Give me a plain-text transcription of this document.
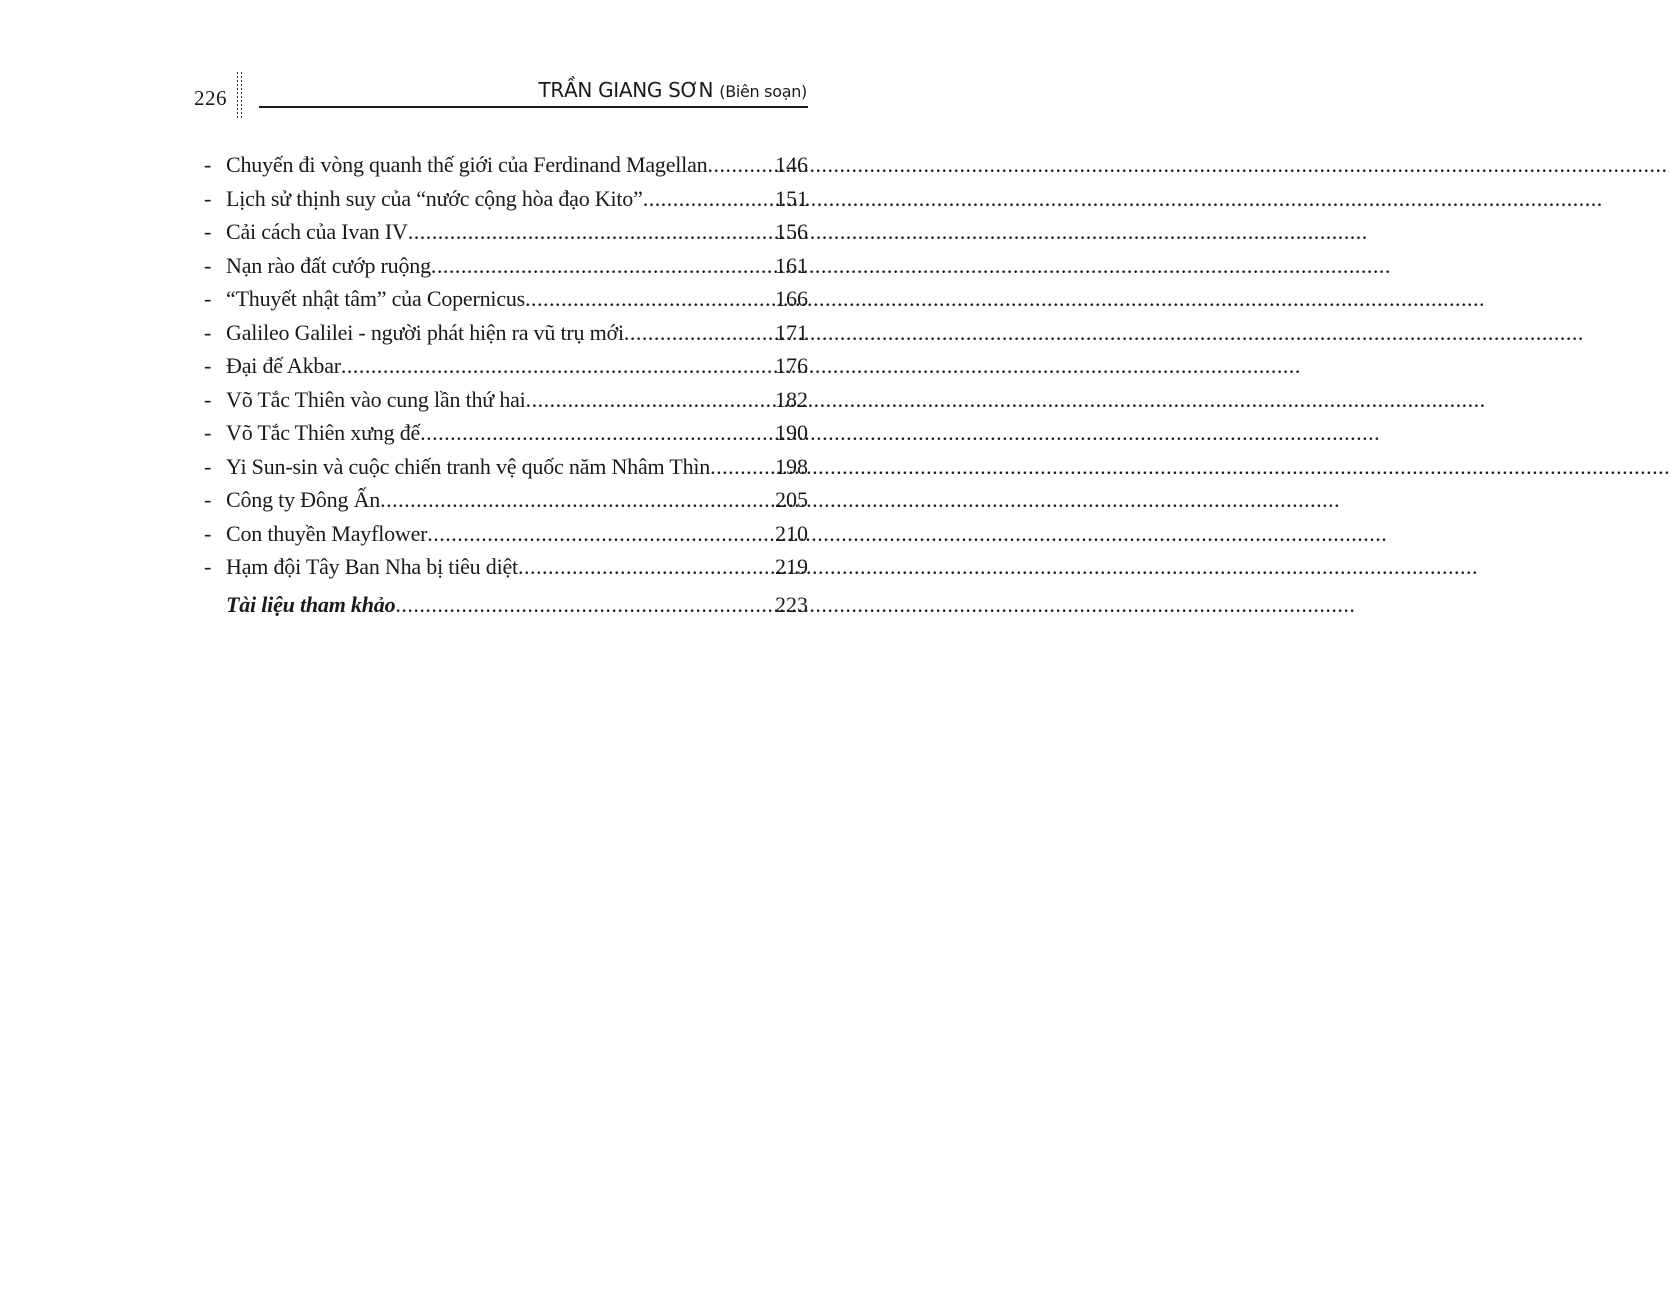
226	TRẦN GIANG SƠN (Biên soạn)
- Chuyến đi vòng quanh thế giới của Ferdinand Magellan .....	146
- Lịch sử thịnh suy của “nước cộng hòa đạo Kito” .....	151
- Cải cách của Ivan IV .....	156
- Nạn rào đất cướp ruộng .....	161
- “Thuyết nhật tâm” của Copernicus .....	166
- Galileo Galilei - người phát hiện ra vũ trụ mới .....	171
- Đại đế Akbar .....	176
- Võ Tắc Thiên vào cung lần thứ hai .....	182
- Võ Tắc Thiên xưng đế .....	190
- Yi Sun-sin và cuộc chiến tranh vệ quốc năm Nhâm Thìn .....	198
- Công ty Đông Ấn .....	205
- Con thuyền Mayflower .....	210
- Hạm đội Tây Ban Nha bị tiêu diệt .....	219
Tài liệu tham khảo .....	223
